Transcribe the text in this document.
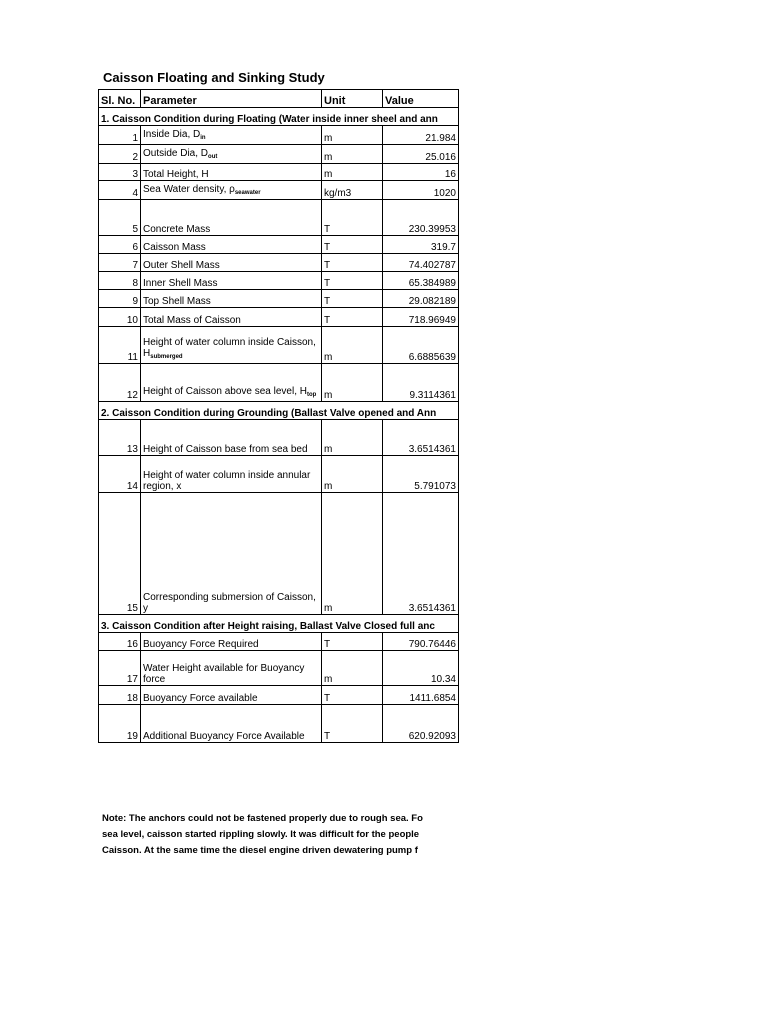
Caisson Floating and Sinking Study
Sl. No.	Parameter	Unit	Value
1. Caisson Condition during Floating (Water inside inner sheel and ann			
1	Inside Dia, $D_{in}$	m	21.984
2	Outside Dia, $D_{out}$	m	25.016
3	Total Height, H	m	16
4	Sea Water density, $\rho_{seawater}$	kg/m3	1020
5	Concrete Mass	T	230.39953
6	Caisson Mass	T	319.7
7	Outer Shell Mass	T	74.402787
8	Inner Shell Mass	T	65.384989
9	Top Shell Mass	T	29.082189
10	Total Mass of Caisson	T	718.96949
11	Height of water column inside Caisson, $H_{submerged}$	m	6.6885639
12	Height of Caisson above sea level, $H_{top}$	m	9.3114361
2. Caisson Condition during Grounding (Ballast Valve opened and Ann			
13	Height of Caisson base from sea bed	m	3.6514361
14	Height of water column inside annular region, x	m	5.791073
15	Corresponding submersion of Caisson, y	m	3.6514361
3. Caisson Condition after Height raising, Ballast Valve Closed full anc			
16	Buoyancy Force Required	T	790.76446
17	Water Height available for Buoyancy force	m	10.34
18	Buoyancy Force available	T	1411.6854
19	Additional Buoyancy Force Available	T	620.92093
Note: The anchors could not be fastened properly due to rough sea. Fo
sea level, caisson started rippling slowly. It was difficult for the people
Caisson. At the same time the diesel engine driven dewatering pump f
